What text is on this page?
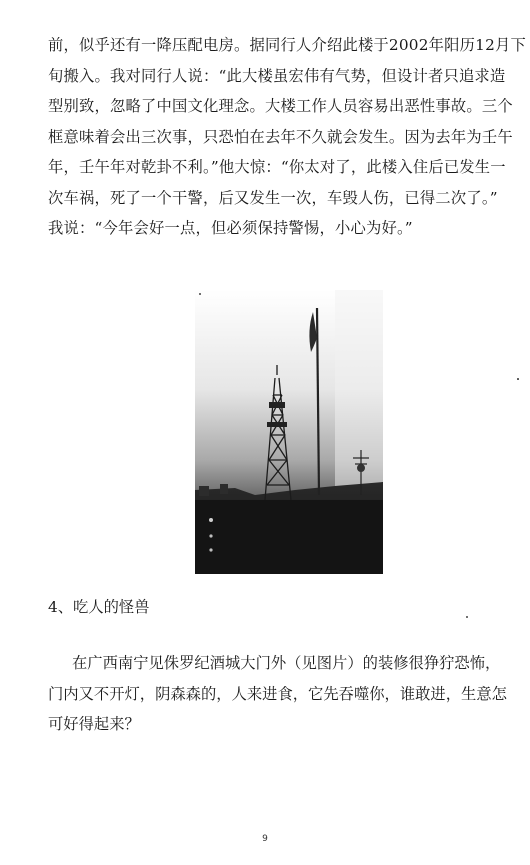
前，似乎还有一降压配电房。据同行人介绍此楼于2002年阳历12月下
旬搬入。我对同行人说：“此大楼虽宏伟有气势，但设计者只追求造
型别致，忽略了中国文化理念。大楼工作人员容易出恶性事故。三个
框意味着会出三次事，只恐怕在去年不久就会发生。因为去年为壬午
年，壬午年对乾卦不利。”他大惊：“你太对了，此楼入住后已发生一
次车祸，死了一个干警，后又发生一次，车毁人伤，已得二次了。”
我说：“今年会好一点，但必须保持警惕，小心为好。”

4、吃人的怪兽

在广西南宁见侏罗纪酒城大门外（见图片）的装修很狰狞恐怖，
门内又不开灯，阴森森的，人来进食，它先吞噬你，谁敢进，生意怎
可好得起来？

9
